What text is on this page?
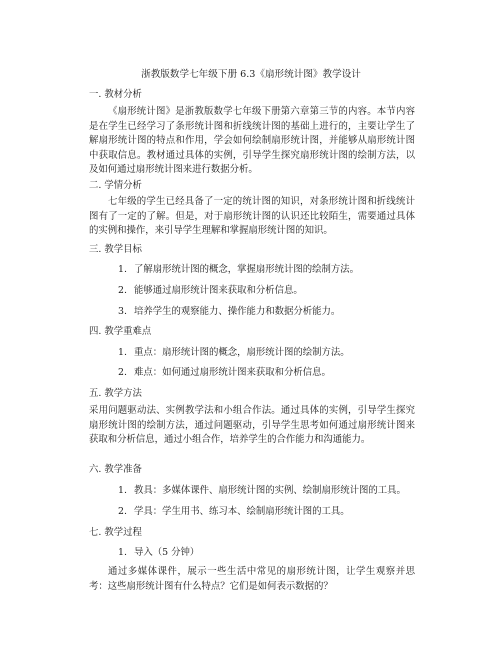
浙教版数学七年级下册 6.3《扇形统计图》教学设计
一. 教材分析
《扇形统计图》是浙教版数学七年级下册第六章第三节的内容。本节内容是在学生已经学习了条形统计图和折线统计图的基础上进行的，主要让学生了解扇形统计图的特点和作用，学会如何绘制扇形统计图，并能够从扇形统计图中获取信息。教材通过具体的实例，引导学生探究扇形统计图的绘制方法，以及如何通过扇形统计图来进行数据分析。
二. 学情分析
七年级的学生已经具备了一定的统计图的知识，对条形统计图和折线统计图有了一定的了解。但是，对于扇形统计图的认识还比较陌生，需要通过具体的实例和操作，来引导学生理解和掌握扇形统计图的知识。
三. 教学目标
1. 了解扇形统计图的概念，掌握扇形统计图的绘制方法。
2. 能够通过扇形统计图来获取和分析信息。
3. 培养学生的观察能力、操作能力和数据分析能力。
四. 教学重难点
1. 重点：扇形统计图的概念，扇形统计图的绘制方法。
2. 难点：如何通过扇形统计图来获取和分析信息。
五. 教学方法
采用问题驱动法、实例教学法和小组合作法。通过具体的实例，引导学生探究扇形统计图的绘制方法，通过问题驱动，引导学生思考如何通过扇形统计图来获取和分析信息，通过小组合作，培养学生的合作能力和沟通能力。
六. 教学准备
1. 教具：多媒体课件、扇形统计图的实例、绘制扇形统计图的工具。
2. 学具：学生用书、练习本、绘制扇形统计图的工具。
七. 教学过程
1. 导入（5 分钟）
通过多媒体课件，展示一些生活中常见的扇形统计图，让学生观察并思考：这些扇形统计图有什么特点？它们是如何表示数据的？
